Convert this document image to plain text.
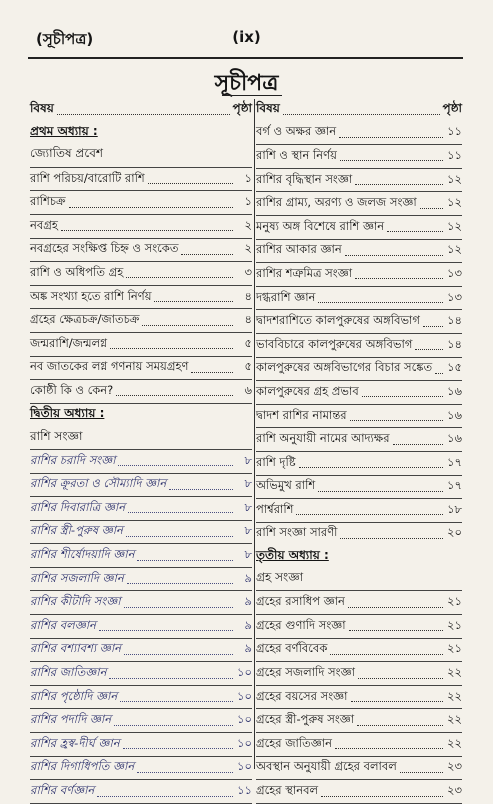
(সূচীপত্র)	(ix)
সূচীপত্র
বিষয়	পৃষ্ঠা
প্রথম অধ্যায় :
জ্যোতিষ প্রবেশ
রাশি পরিচয়/বারোটি রাশি	১
রাশিচক্র	১
নবগ্রহ	২
নবগ্রহের সংক্ষিপ্ত চিহ্ন ও সংকেত	২
রাশি ও অধিপতি গ্রহ	৩
অঙ্ক সংখ্যা হতে রাশি নির্ণয়	৪
গ্রহের ক্ষেত্রচক্র/জাতচক্র	৪
জন্মরাশি/জন্মলগ্ন	৫
নব জাতকের লগ্ন গণনায় সময়গ্রহণ	৫
কোষ্ঠী কি ও কেন?	৬
দ্বিতীয় অধ্যায় :
রাশি সংজ্ঞা
রাশির চরাদি সংজ্ঞা	৮
রাশির ক্রূরতা ও সৌম্যাদি জ্ঞান	৮
রাশির দিবারাত্রি জ্ঞান	৮
রাশির স্ত্রী-পুরুষ জ্ঞান	৮
রাশির শীর্ষোদয়াদি জ্ঞান	৮
রাশির সজলাদি জ্ঞান	৯
রাশির কীটাদি সংজ্ঞা	৯
রাশির বলজ্ঞান	৯
রাশির বশ্যাবশ্য জ্ঞান	৯
রাশির জাতিজ্ঞান	১০
রাশির পৃষ্ঠোদি জ্ঞান	১০
রাশির পদাদি জ্ঞান	১০
রাশির হ্রস্ব-দীর্ঘ জ্ঞান	১০
রাশির দিগাধিপতি জ্ঞান	১০
রাশির বর্ণজ্ঞান	১১
বিষয়	পৃষ্ঠা
বর্গ ও অক্ষর জ্ঞান	১১
রাশি ও স্থান নির্ণয়	১১
রাশির বৃদ্ধিস্থান সংজ্ঞা	১২
রাশির গ্রাম্য, অরণ্য ও জলজ সংজ্ঞা	১২
মনুষ্য অঙ্গ বিশেষে রাশি জ্ঞান	১২
রাশির আকার জ্ঞান	১২
রাশির শত্রুমিত্র সংজ্ঞা	১৩
দগ্ধরাশি জ্ঞান	১৩
দ্বাদশরাশিতে কালপুরুষের অঙ্গবিভাগ ১৪
ভাববিচারে কালপুরুষের অঙ্গবিভাগ	১৪
কালপুরুষের অঙ্গবিভাগের বিচার সঙ্কেত ১৫
কালপুরুষের গ্রহ প্রভাব	১৬
দ্বাদশ রাশির নামান্তর	১৬
রাশি অনুযায়ী নামের আদ্যক্ষর	১৬
রাশি দৃষ্টি	১৭
অভিমুখ রাশি	১৭
পার্শ্বরাশি	১৮
রাশি সংজ্ঞা সারণী	২০
তৃতীয় অধ্যায় :
গ্রহ সংজ্ঞা
গ্রহের রসাধিপ জ্ঞান	২১
গ্রহের গুণাদি সংজ্ঞা	২১
গ্রহের বর্ণবিবেক	২১
গ্রহের সজলাদি সংজ্ঞা	২২
গ্রহের বয়সের সংজ্ঞা	২২
গ্রহের স্ত্রী-পুরুষ সংজ্ঞা	২২
গ্রহের জাতিজ্ঞান	২২
অবস্থান অনুযায়ী গ্রহের বলাবল	২৩
গ্রহের স্থানবল	২৩
